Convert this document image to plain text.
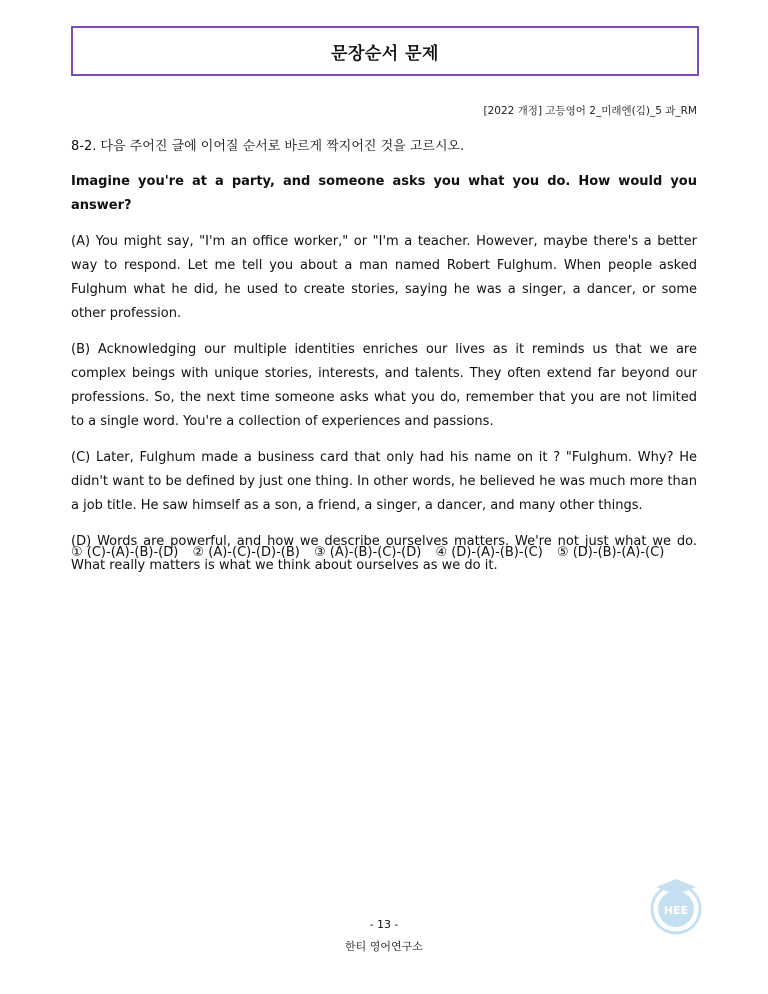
문장순서 문제
[2022 개정] 고등영어 2_미래엔(김)_5 과_RM
8-2. 다음 주어진 글에 이어질 순서로 바르게 짝지어진 것을 고르시오.

Imagine you're at a party, and someone asks you what you do. How would you answer?

(A) You might say, "I'm an office worker," or "I'm a teacher. However, maybe there's a better way to respond. Let me tell you about a man named Robert Fulghum. When people asked Fulghum what he did, he used to create stories, saying he was a singer, a dancer, or some other profession.

(B) Acknowledging our multiple identities enriches our lives as it reminds us that we are complex beings with unique stories, interests, and talents. They often extend far beyond our professions. So, the next time someone asks what you do, remember that you are not limited to a single word. You're a collection of experiences and passions.

(C) Later, Fulghum made a business card that only had his name on it ? "Fulghum. Why? He didn't want to be defined by just one thing. In other words, he believed he was much more than a job title. He saw himself as a son, a friend, a singer, a dancer, and many other things.

(D) Words are powerful, and how we describe ourselves matters. We're not just what we do. What really matters is what we think about ourselves as we do it.

① (C)-(A)-(B)-(D) ② (A)-(C)-(D)-(B) ③ (A)-(B)-(C)-(D) ④ (D)-(A)-(B)-(C) ⑤ (D)-(B)-(A)-(C)
HEE
- 13 -
한티 영어연구소
